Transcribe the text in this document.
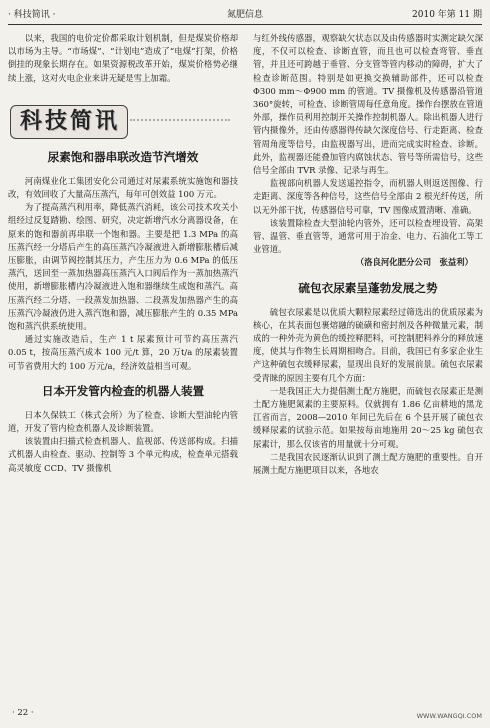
· 科技简讯 ·	氮肥信息	2010 年第 11 期

以来，我国的电价定价都采取计划机制，但是煤炭价格却以市场为主导。“市场煤”、“计划电”造成了“电煤”打架，价格倒挂的现象长期存在。如果资源税改革开始，煤炭价格势必继续上涨，这对火电企业来讲无疑是雪上加霜。

科技简讯
尿素饱和器串联改造节汽增效

河南煤业化工集团安化公司通过对尿素系统实施饱和器技改，有效回收了大量高压蒸汽，每年可创效益 100 万元。

为了提高蒸汽利用率，降低蒸汽消耗，该公司技术攻关小组经过反复踏勘、绘图、研究，决定新增汽水分离器设备，在原来的饱和器前再串联一个饱和器。主要是把 1.3 MPa 的高压蒸汽经一分塔后产生的高压蒸汽冷凝液进入新增膨胀槽后减压膨胀，由调节阀控制其压力，产生压力为 0.6 MPa 的低压蒸汽，送回至一蒸加热器高压蒸汽入口阀后作为一蒸加热蒸汽使用，新增膨胀槽内冷凝液进入饱和器继续生成饱和蒸汽。高压蒸汽经二分塔、一段蒸发加热器、二段蒸发加热器产生的高压蒸汽冷凝液仍进入蒸汽饱和器，减压膨胀产生的 0.35 MPa 饱和蒸汽供系统使用。

通过实施改造后，生产 1 t 尿素预计可节约高压蒸汽 0.05 t，按高压蒸汽成本 100 元/t 算，20 万t/a 的尿素装置可节省费用大约 100 万元/a，经济效益相当可观。

日本开发管内检查的机器人装置

日本久保铁工（株式会所）为了检查、诊断大型油轮内管道，开发了管内检查机器人及诊断装置。

该装置由扫描式检查机器人、监视部、传送部构成。扫描式机器人由检查、驱动、控制等 3 个单元构成，检查单元搭载高灵敏度 CCD、TV 摄像机

与红外线传感器，观察缺欠状态以及由传感器时实测定缺欠深度，不仅可以检查、诊断直管，而且也可以检查弯管、垂直管，并且还可跨越于垂管、分支管等管内移动的障碍，扩大了检查诊断范围。特别是如更换交换辅助部件，还可以检查 Φ300 mm～Φ900 mm 的管道。TV 摄像机及传感器沿管道 360°旋转，可检查、诊断管周每任意角度。操作台摆放在管道外部，操作员利用控制开关操作控制机器人。除出机器人进行管内摄像外，还由传感器得传缺欠深度信号、行走距离、检查管周角度等信号，由监视器写出，进而完成实时检查、诊断。此外，监视器还能叠加管内腐蚀状态、管号等所需信号，这些信号全部由 TVR 录像、记录与再生。

监视部向机器人发送遥控指令，而机器人则返送图像、行走距离、深度等各种信号，这些信号全部由 2 根光纤传送，所以无外部干扰，传感器信号可靠，TV 图像成置清晰、准确。

该装置除检查大型油轮内管外，还可以检查埋设管、高架管、温管、垂直管等，通常可用于冶金、电力、石油化工等工业管道。

（洛良河化肥分公司　张益利）

硫包衣尿素呈蓬勃发展之势

硫包衣尿素是以优质大颗粒尿素经过筛选出的优质尿素为核心，在其表面包裹熔融的硫磺和密封剂及各种微量元素，制成的一种外壳为黄色的缓控释肥料，可控制肥料养分的释放速度，使其与作物生长周期相吻合。目前，我国已有多家企业生产这种硫包衣缓释尿素，显现出良好的发展前景。硫包衣尿素受青睐的原因主要有几个方面：

一是我国正大力提倡测土配方施肥，而硫包衣尿素正是测土配方施肥氮素的主要原料。仅就拥有 1.86 亿亩耕地的黑龙江省而言，2008—2010 年间已先后在 6 个县开展了硫包衣缓释尿素的试验示范。如果按每亩地施用 20～25 kg 硫包衣尿素计，那么仅该省的用量就十分可观。

二是我国农民逐渐认识到了测土配方施肥的重要性。自开展测土配方施肥项目以来，各地农

· 22 ·	WWW.WANGQI.COM
